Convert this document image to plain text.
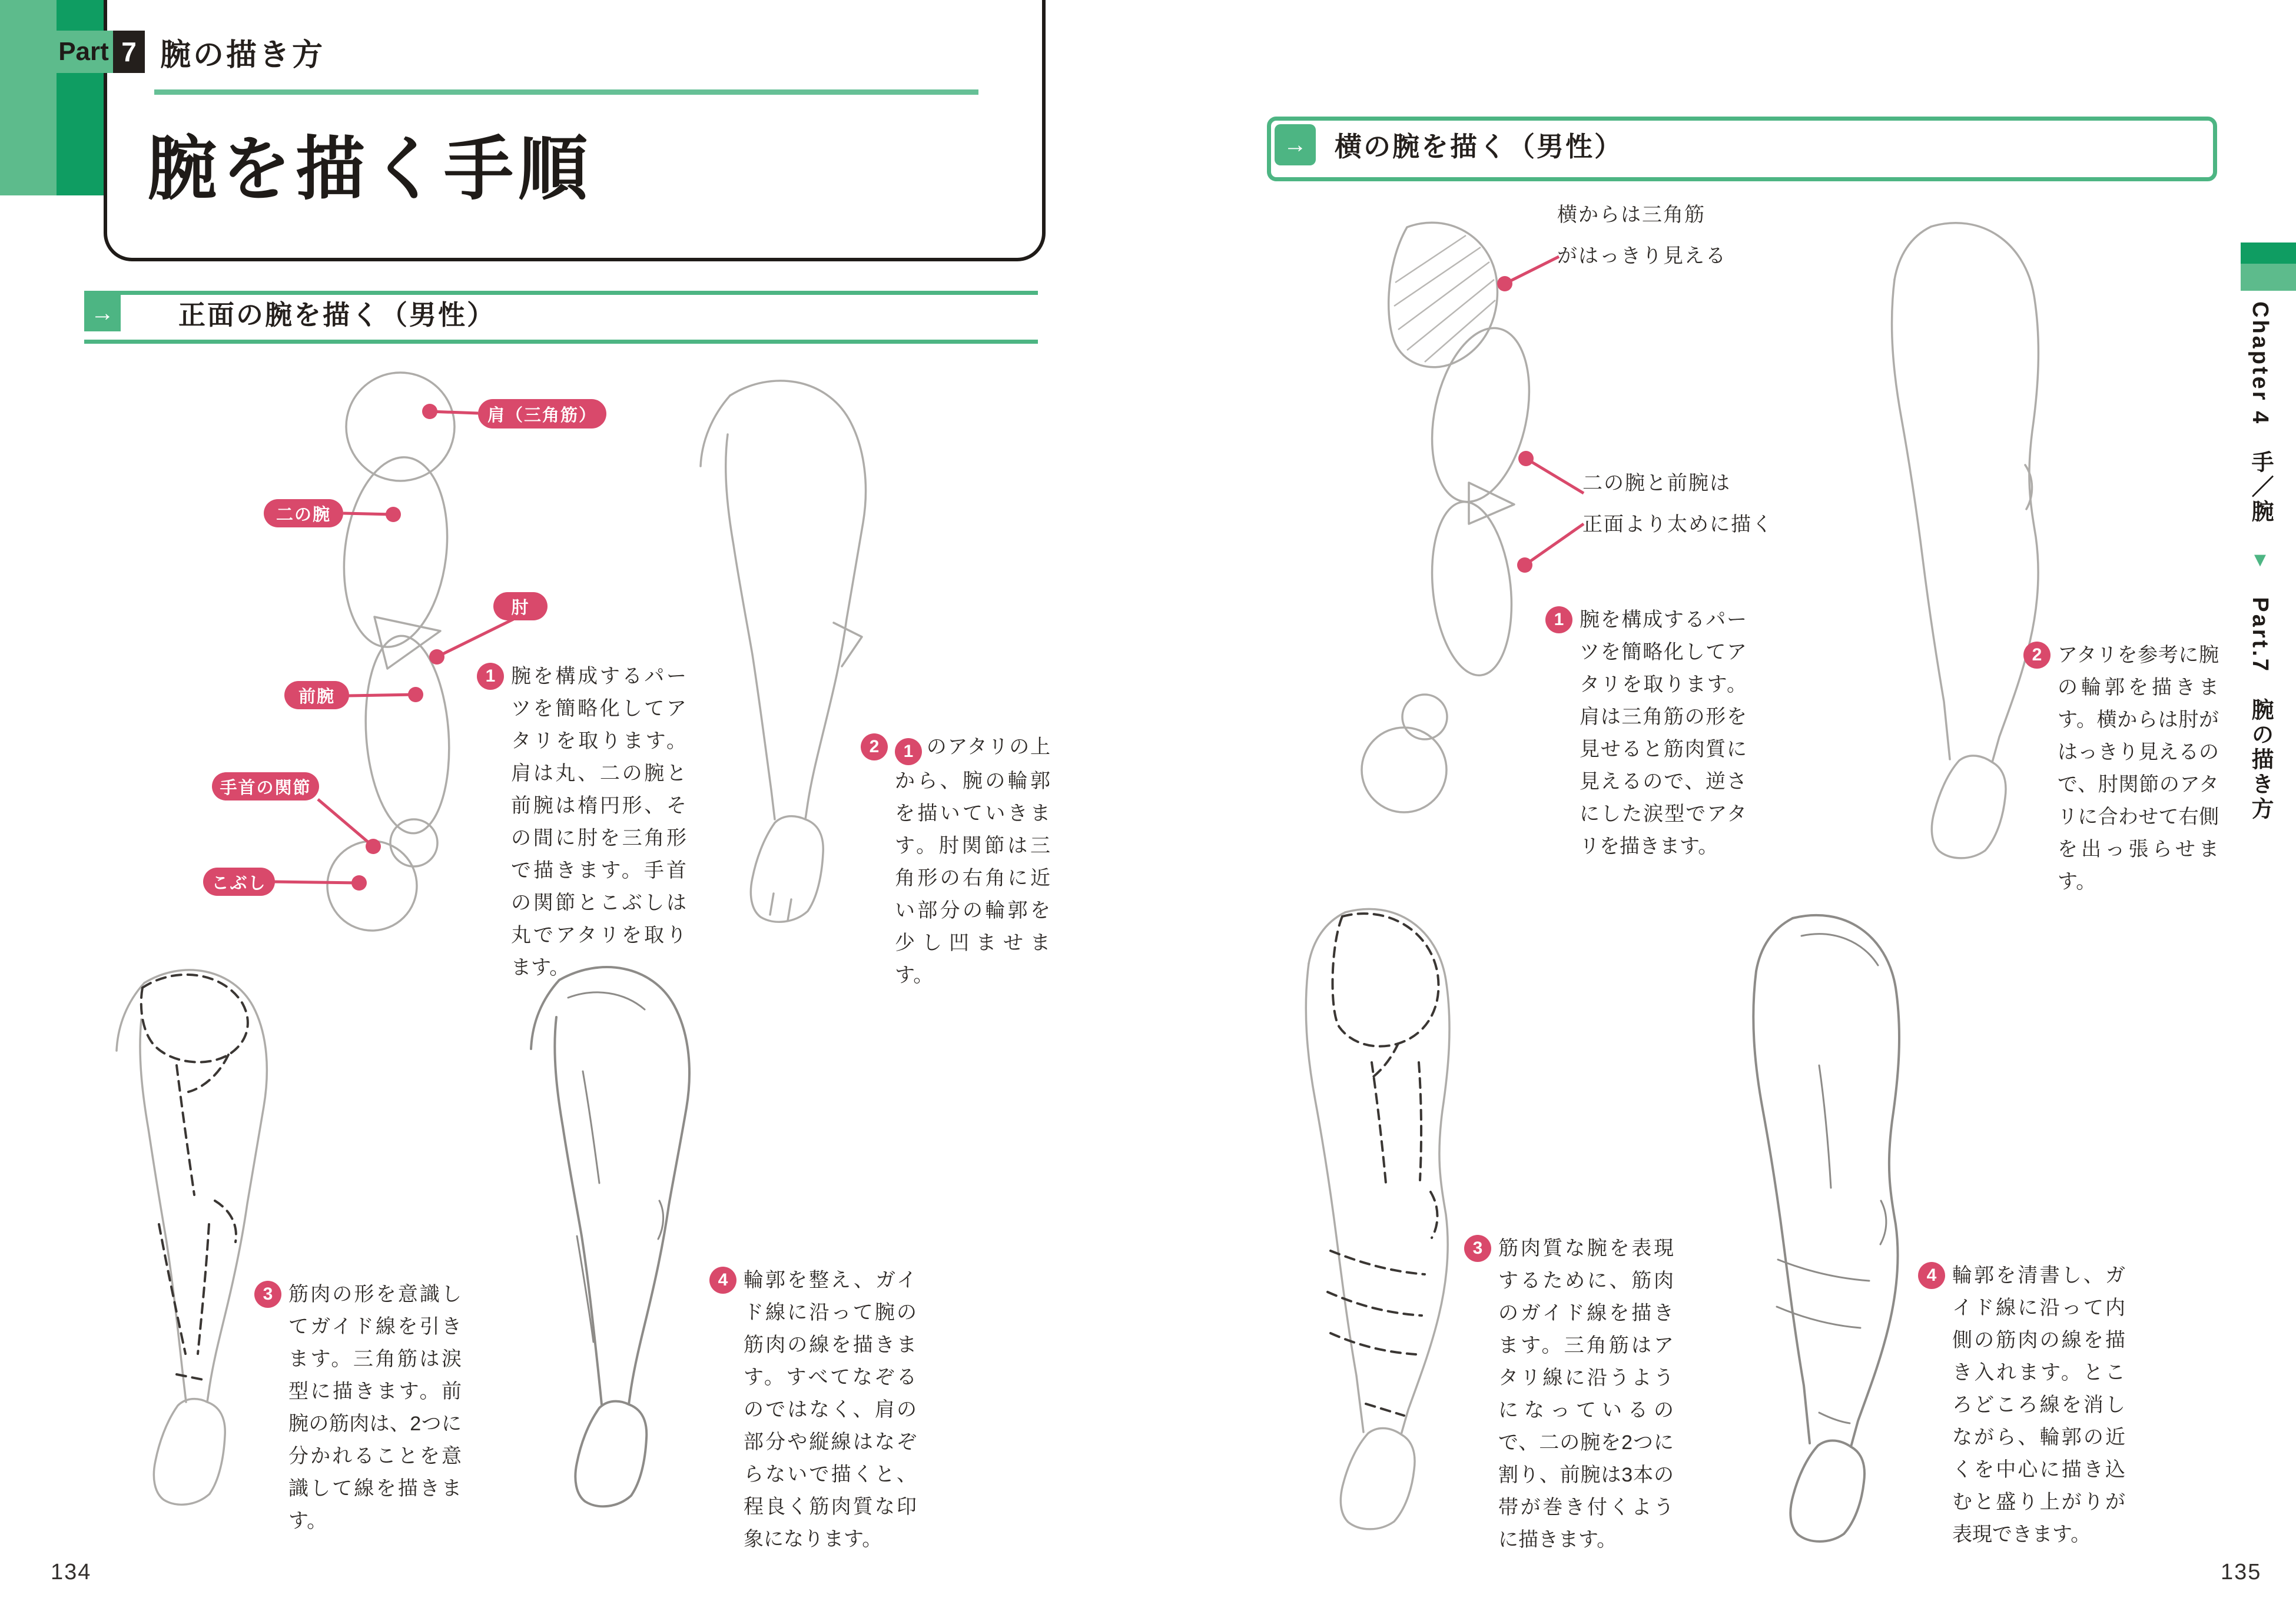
Part 7 腕の描き方
腕を描く手順
→ 正面の腕を描く（男性）
→	横の腕を描く（男性）
肩（三角筋）
二の腕
肘
前腕
手首の関節
こぶし
横からは三角筋
がはっきり見える
二の腕と前腕は
正面より太めに描く
1 腕を構成するパーツを簡略化してアタリを取ります。肩は丸、二の腕と前腕は楕円形、その間に肘を三角形で描きます。手首の関節とこぶしは丸でアタリを取ります。

2	1 のアタリの上から、腕の輪郭を描いていきます。肘関節は三角形の右角に近い部分の輪郭を少し凹ませます。

3 筋肉の形を意識してガイド線を引きます。三角筋は涙型に描きます。前腕の筋肉は、2つに分かれることを意識して線を描きます。

4 輪郭を整え、ガイド線に沿って腕の筋肉の線を描きます。すべてなぞるのではなく、肩の部分や縦線はなぞらないで描くと、程良く筋肉質な印象になります。

1 腕を構成するパーツを簡略化してアタリを取ります。肩は三角筋の形を見せると筋肉質に見えるので、逆さにした涙型でアタリを描きます。

2 アタリを参考に腕の輪郭を描きます。横からは肘がはっきり見えるので、肘関節のアタリに合わせて右側を出っ張らせます。

3 筋肉質な腕を表現するために、筋肉のガイド線を描きます。三角筋はアタリ線に沿うようになっているので、二の腕を2つに割り、前腕は3本の帯が巻き付くように描きます。

4 輪郭を清書し、ガイド線に沿って内側の筋肉の線を描き入れます。ところどころ線を消しながら、輪郭の近くを中心に描き込むと盛り上がりが表現できます。

Chapter 4　手／腕 ▼ Part.7　腕の描き方
134	135
